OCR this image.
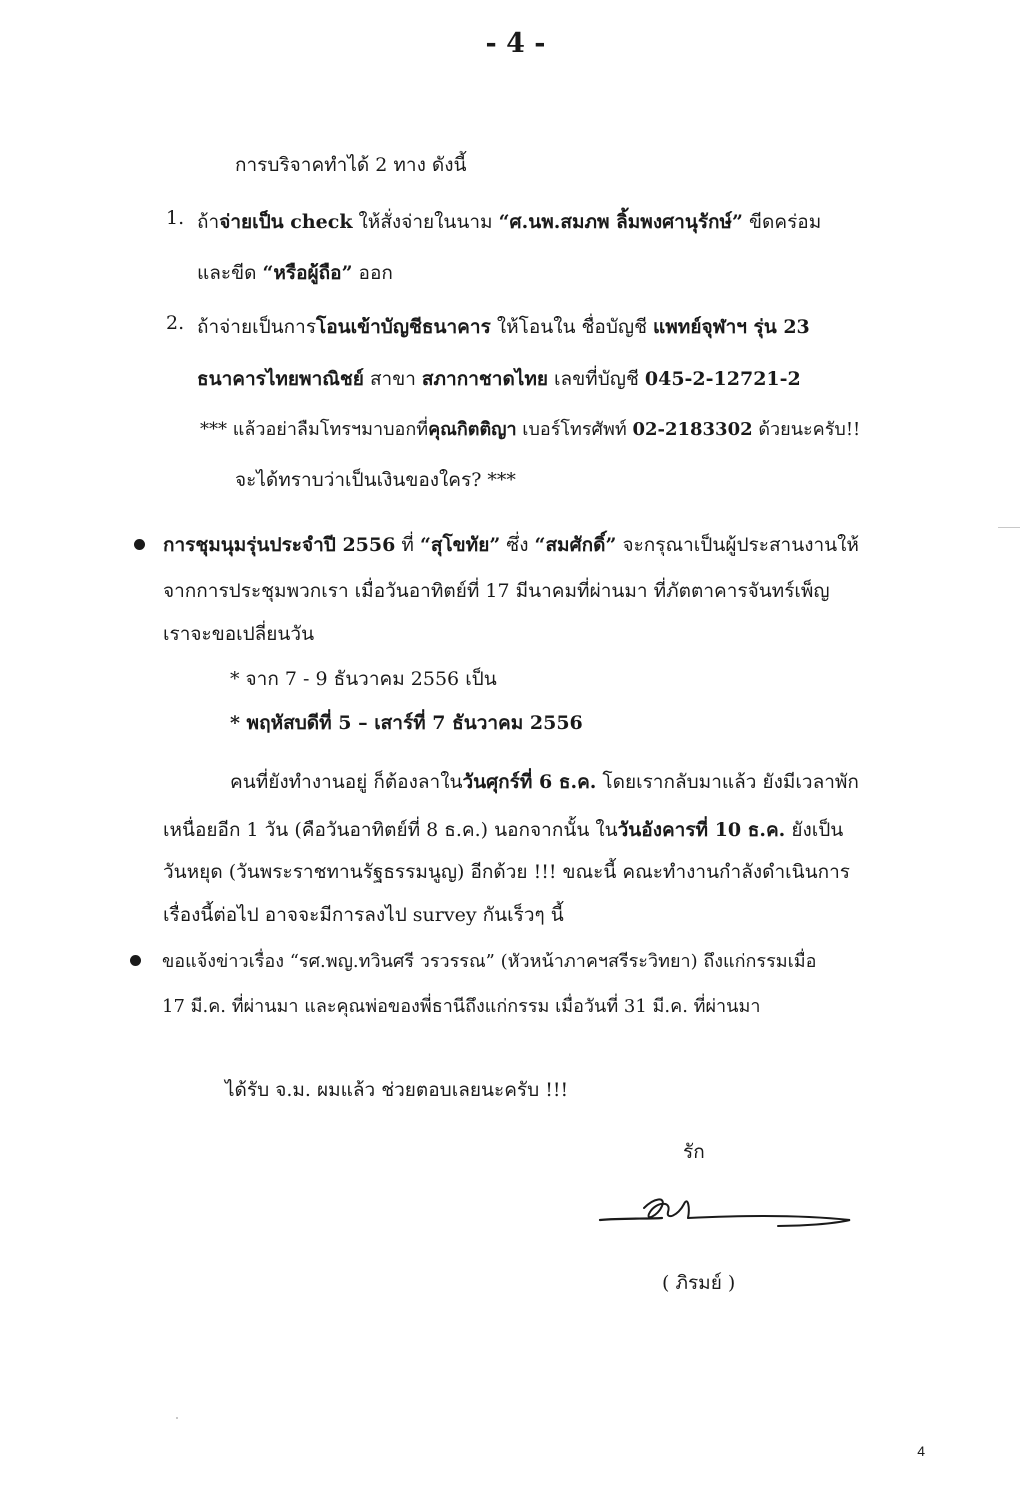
- 4 -
การบริจาคทำได้ 2 ทาง ดังนี้
1. ถ้าจ่ายเป็น check ให้สั่งจ่ายในนาม “ศ.นพ.สมภพ ลิ้มพงศานุรักษ์” ขีดคร่อม
และขีด “หรือผู้ถือ” ออก
2. ถ้าจ่ายเป็นการโอนเข้าบัญชีธนาคาร ให้โอนใน ชื่อบัญชี แพทย์จุฬาฯ รุ่น 23
ธนาคารไทยพาณิชย์ สาขา สภากาชาดไทย เลขที่บัญชี 045-2-12721-2
*** แล้วอย่าลืมโทรฯมาบอกที่คุณกิตติญา เบอร์โทรศัพท์ 02-2183302 ด้วยนะครับ!!
จะได้ทราบว่าเป็นเงินของใคร? ***
การชุมนุมรุ่นประจำปี 2556 ที่ “สุโขทัย” ซึ่ง “สมศักดิ์” จะกรุณาเป็นผู้ประสานงานให้
จากการประชุมพวกเรา เมื่อวันอาทิตย์ที่ 17 มีนาคมที่ผ่านมา ที่ภัตตาคารจันทร์เพ็ญ
เราจะขอเปลี่ยนวัน
* จาก 7 - 9 ธันวาคม 2556 เป็น
* พฤหัสบดีที่ 5 – เสาร์ที่ 7 ธันวาคม 2556
คนที่ยังทำงานอยู่ ก็ต้องลาในวันศุกร์ที่ 6 ธ.ค. โดยเรากลับมาแล้ว ยังมีเวลาพัก
เหนื่อยอีก 1 วัน (คือวันอาทิตย์ที่ 8 ธ.ค.) นอกจากนั้น ในวันอังคารที่ 10 ธ.ค. ยังเป็น
วันหยุด (วันพระราชทานรัฐธรรมนูญ) อีกด้วย !!! ขณะนี้ คณะทำงานกำลังดำเนินการ
เรื่องนี้ต่อไป อาจจะมีการลงไป survey กันเร็วๆ นี้
ขอแจ้งข่าวเรื่อง “รศ.พญ.ทวินศรี วรวรรณ” (หัวหน้าภาคฯสรีระวิทยา) ถึงแก่กรรมเมื่อ
17 มี.ค. ที่ผ่านมา และคุณพ่อของพี่ธานีถึงแก่กรรม เมื่อวันที่ 31 มี.ค. ที่ผ่านมา
ได้รับ จ.ม. ผมแล้ว ช่วยตอบเลยนะครับ !!!
รัก
( ภิรมย์ )
4
